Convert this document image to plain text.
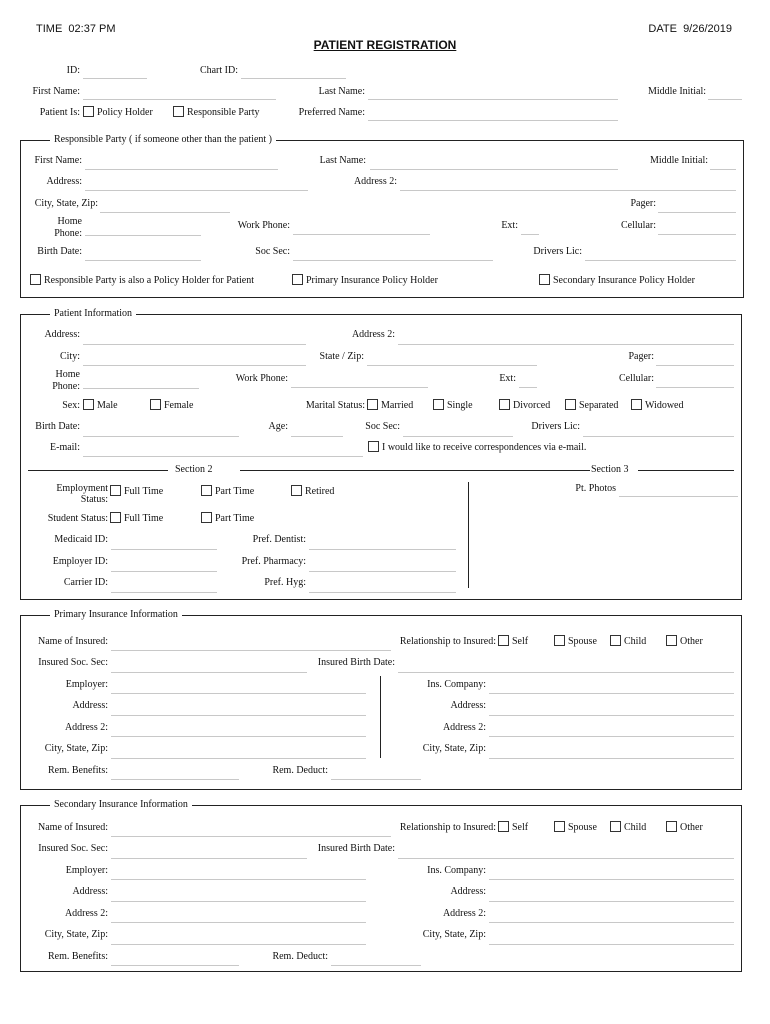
TIME 02:37 PM	DATE 9/26/2019
PATIENT REGISTRATION
ID:	Chart ID:
First Name:	Last Name:	Middle Initial:
Patient Is: Policy Holder	Responsible Party	Preferred Name:
Responsible Party ( if someone other than the patient )
First Name:	Last Name:	Middle Initial:
Address:	Address 2:
City, State, Zip:	Pager:
Home
Phone:
Work Phone:	Ext:	Cellular:
Birth Date:	Soc Sec:	Drivers Lic:
Responsible Party is also a Policy Holder for Patient	Primary Insurance Policy Holder	Secondary Insurance Policy Holder
Patient Information
Address:	Address 2:
City:	State / Zip:	Pager:
Home
Phone:
Work Phone:	Ext:	Cellular:
Sex: Male	Female	Marital Status: Married	Single	Divorced	Separated	Widowed
Birth Date:	Age:	Soc Sec:	Drivers Lic:
E-mail:	I would like to receive correspondences via e-mail.
Section 2	Section 3
Employment
Status:
Full Time	Part Time	Retired
Student Status: Full Time	Part Time
Medicaid ID:	Pref. Dentist:
Employer ID:	Pref. Pharmacy:
Carrier ID:	Pref. Hyg:
Pt. Photos
Primary Insurance Information
Name of Insured:	Relationship to Insured: Self	Spouse	Child	Other
Insured Soc. Sec:	Insured Birth Date:
Employer:	Ins. Company:
Address:	Address:
Address 2:	Address 2:
City, State, Zip:	City, State, Zip:
Rem. Benefits:	Rem. Deduct:
Secondary Insurance Information
Name of Insured:	Relationship to Insured: Self	Spouse	Child	Other
Insured Soc. Sec:	Insured Birth Date:
Employer:	Ins. Company:
Address:	Address:
Address 2:	Address 2:
City, State, Zip:	City, State, Zip:
Rem. Benefits:	Rem. Deduct:
